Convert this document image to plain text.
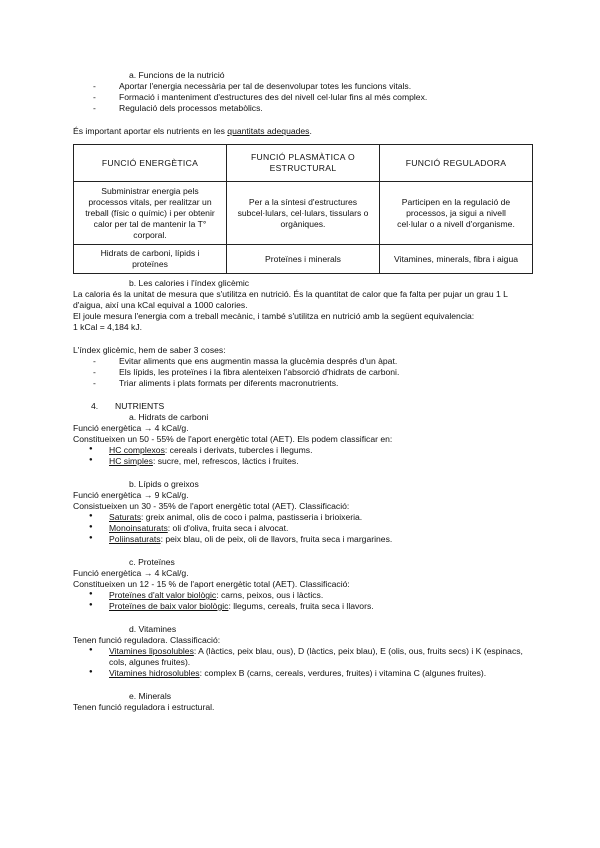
a. Funcions de la nutrició
- Aportar l'energia necessària per tal de desenvolupar totes les funcions vitals.
- Formació i manteniment d'estructures des del nivell cel·lular fins al més complex.
- Regulació dels processos metabòlics.
És important aportar els nutrients en les quantitats adequades.
FUNCIÓ ENERGÈTICA	FUNCIÓ PLASMÀTICA O ESTRUCTURAL	FUNCIÓ REGULADORA
Subministrar energia pels processos vitals, per realitzar un treball (físic o químic) i per obtenir calor per tal de mantenir la T° corporal.	Per a la síntesi d'estructures subcel·lulars, cel·lulars, tissulars o orgàniques.	Participen en la regulació de processos, ja sigui a nivell cel·lular o a nivell d'organisme.
Hidrats de carboni, lípids i proteïnes	Proteïnes i minerals	Vitamines, minerals, fibra i aigua
b. Les calories i l'índex glicèmic
La caloria és la unitat de mesura que s'utilitza en nutrició. És la quantitat de calor que fa falta per pujar un grau 1 L d'aigua, així una kCal equival a 1000 calories.
El joule mesura l'energia com a treball mecànic, i també s'utilitza en nutrició amb la següent equivalencia:
1 kCal = 4,184 kJ.
L'índex glicèmic, hem de saber 3 coses:
- Evitar aliments que ens augmentin massa la glucèmia després d'un àpat.
- Els lípids, les proteïnes i la fibra alenteixen l'absorció d'hidrats de carboni.
- Triar aliments i plats formats per diferents macronutrients.
4. NUTRIENTS
a. Hidrats de carboni
Funció energètica → 4 kCal/g.
Constitueixen un 50 - 55% de l'aport energètic total (AET). Els podem classificar en:
● HC complexos: cereals i derivats, tubercles i llegums.
● HC simples: sucre, mel, refrescos, làctics i fruites.
b. Lípids o greixos
Funció energètica → 9 kCal/g.
Consistueixen un 30 - 35% de l'aport energètic total (AET). Classificació:
● Saturats: greix animal, olis de coco i palma, pastisseria i brioixeria.
● Monoinsaturats: oli d'oliva, fruita seca i alvocat.
● Poliinsaturats: peix blau, oli de peix, oli de llavors, fruita seca i margarines.
c. Proteïnes
Funció energètica → 4 kCal/g.
Constitueixen un 12 - 15 % de l'aport energètic total (AET). Classificació:
● Proteïnes d'alt valor biològic: carns, peixos, ous i làctics.
● Proteïnes de baix valor biològic: llegums, cereals, fruita seca i llavors.
d. Vitamines
Tenen funció reguladora. Classificació:
● Vitamines liposolubles: A (làctics, peix blau, ous), D (làctics, peix blau), E (olis, ous, fruits secs) i K (espinacs, cols, algunes fruites).
● Vitamines hidrosolubles: complex B (carns, cereals, verdures, fruites) i vitamina C (algunes fruites).
e. Minerals
Tenen funció reguladora i estructural.
